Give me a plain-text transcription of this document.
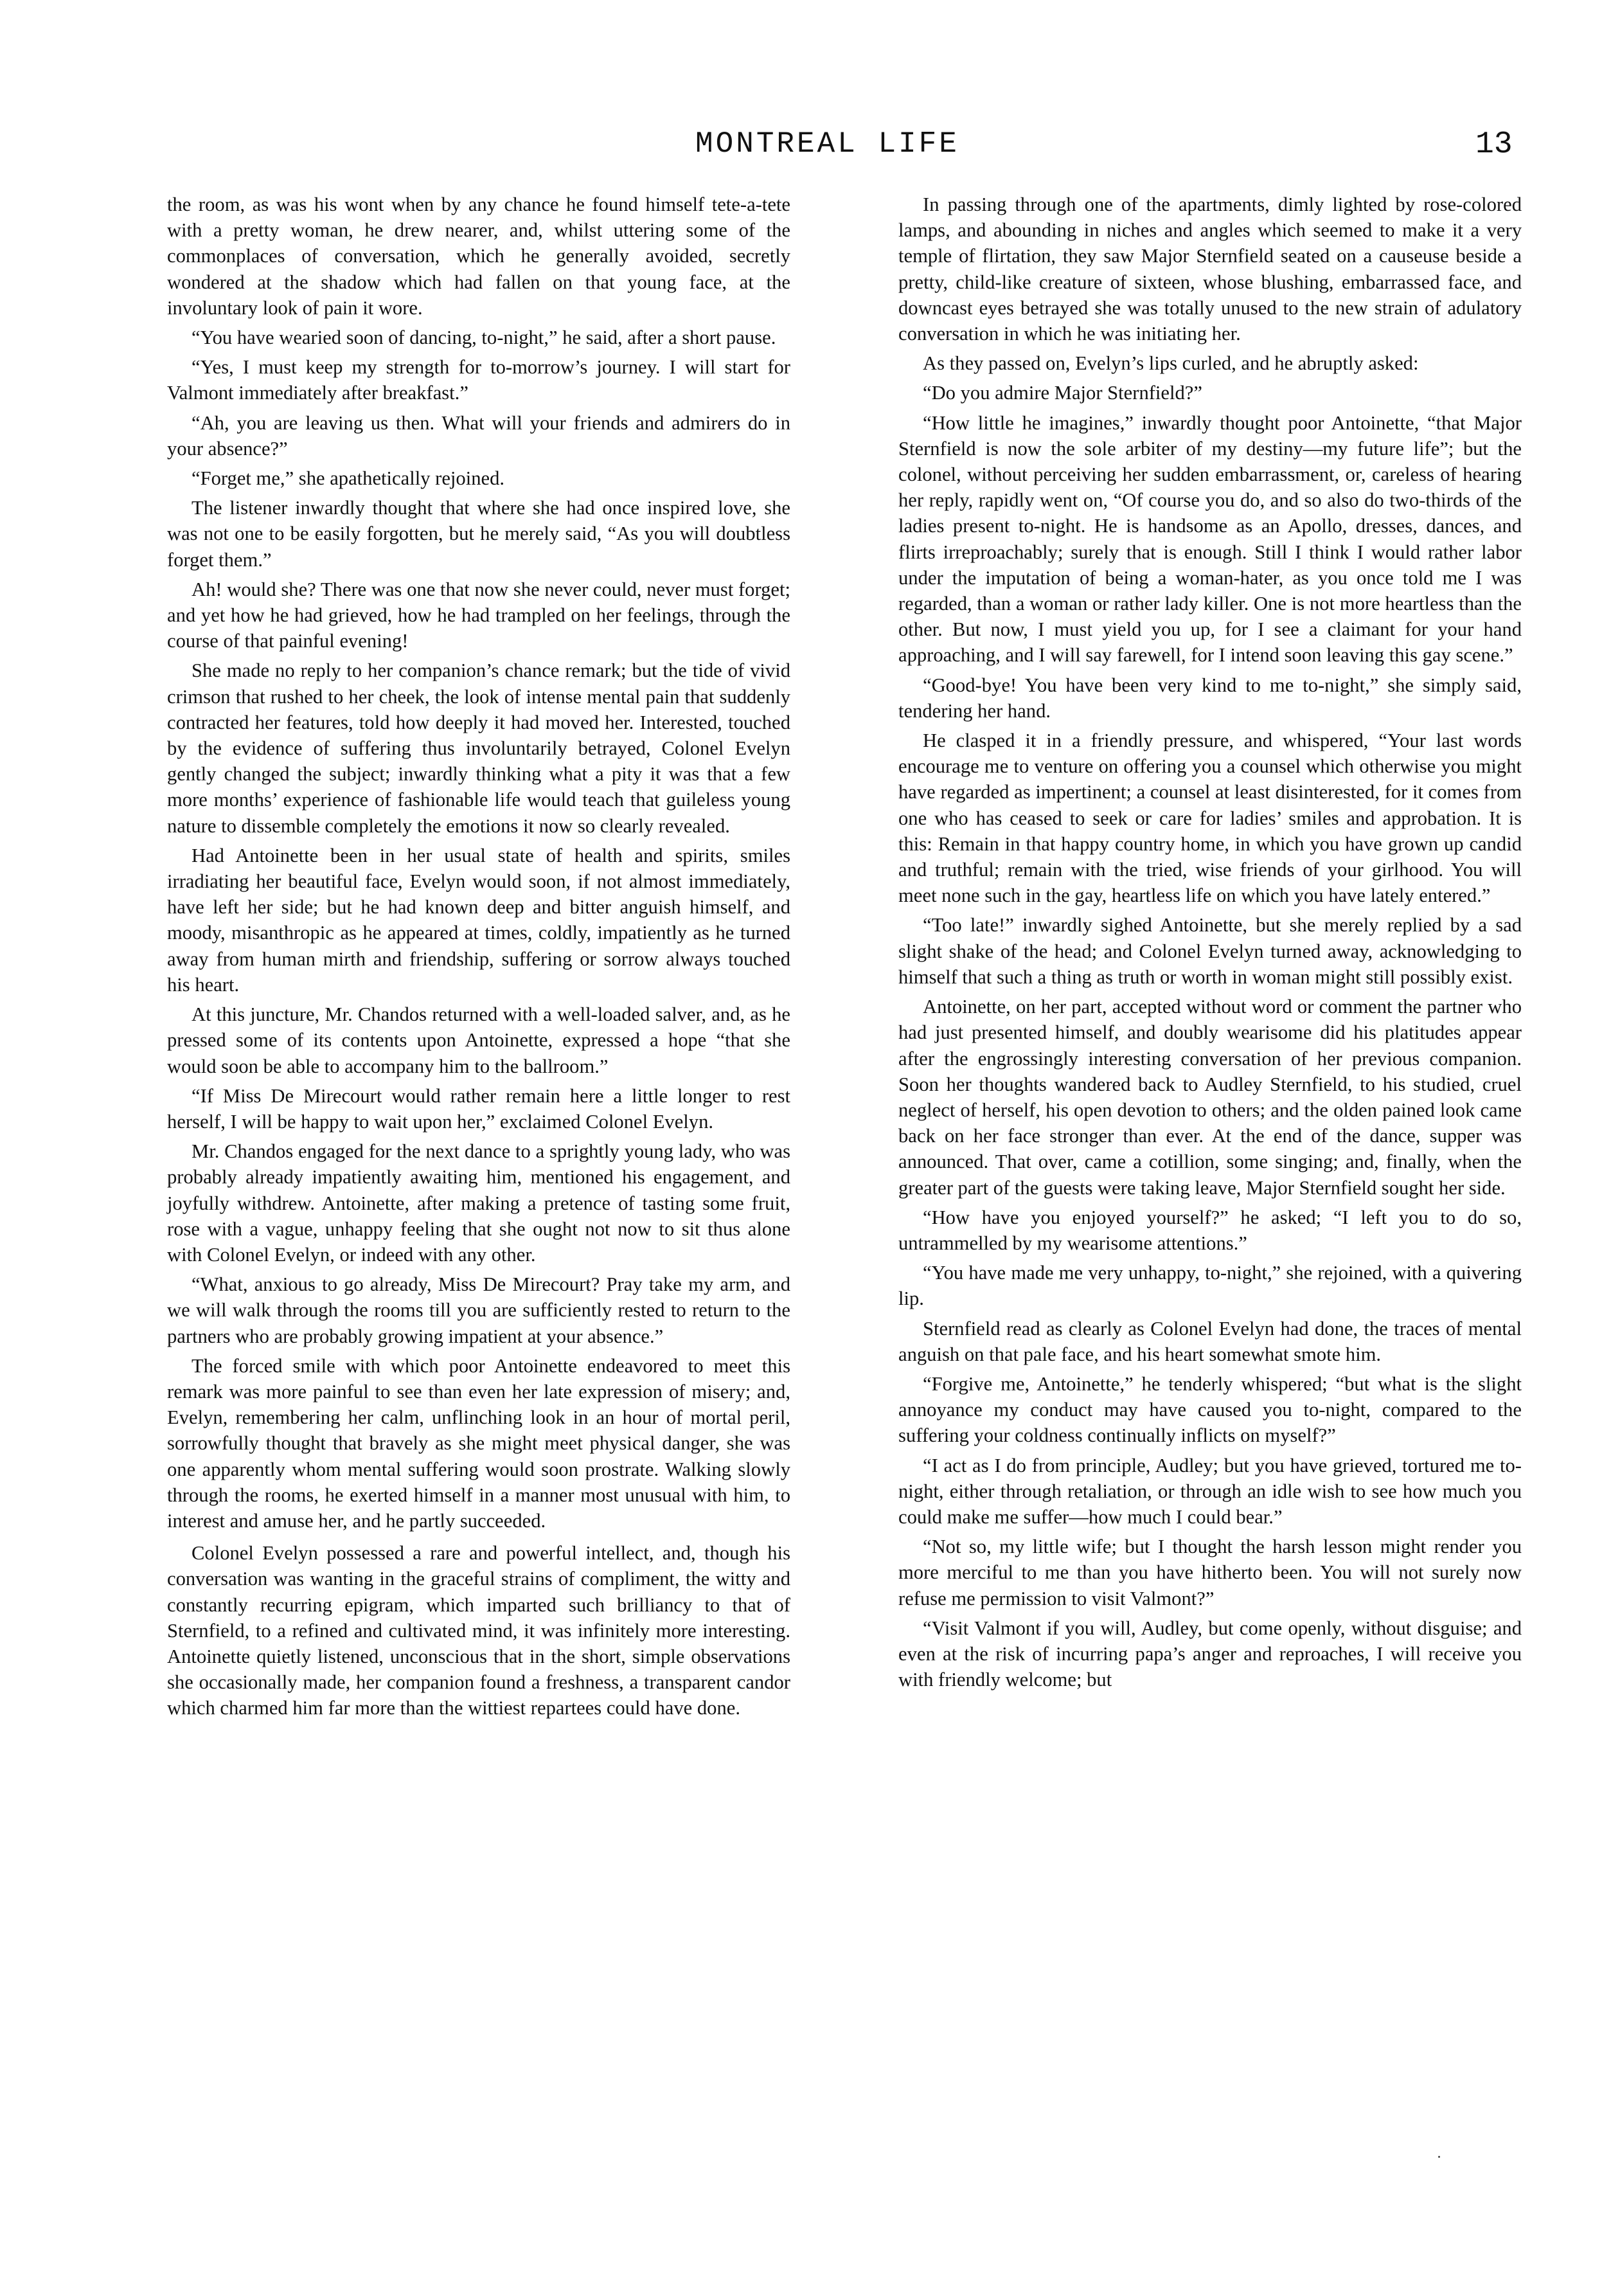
MONTREAL LIFE	13

the room, as was his wont when by any chance he found himself tete-a-tete with a pretty woman, he drew nearer, and, whilst uttering some of the commonplaces of conversation, which he generally avoided, secretly wondered at the shadow which had fallen on that young face, at the involuntary look of pain it wore.

“You have wearied soon of dancing, to-night,” he said, after a short pause.

“Yes, I must keep my strength for to-morrow’s journey. I will start for Valmont immediately after breakfast.”

“Ah, you are leaving us then. What will your friends and admirers do in your absence?”

“Forget me,” she apathetically rejoined.

The listener inwardly thought that where she had once inspired love, she was not one to be easily forgotten, but he merely said, “As you will doubtless forget them.”

Ah! would she? There was one that now she never could, never must forget; and yet how he had grieved, how he had trampled on her feelings, through the course of that painful evening!

She made no reply to her companion’s chance remark; but the tide of vivid crimson that rushed to her cheek, the look of intense mental pain that suddenly contracted her features, told how deeply it had moved her. Interested, touched by the evidence of suffering thus involuntarily betrayed, Colonel Evelyn gently changed the subject; inwardly thinking what a pity it was that a few more months’ experience of fashionable life would teach that guileless young nature to dissemble completely the emotions it now so clearly revealed.

Had Antoinette been in her usual state of health and spirits, smiles irradiating her beautiful face, Evelyn would soon, if not almost immediately, have left her side; but he had known deep and bitter anguish himself, and moody, misanthropic as he appeared at times, coldly, impatiently as he turned away from human mirth and friendship, suffering or sorrow always touched his heart.

At this juncture, Mr. Chandos returned with a well-loaded salver, and, as he pressed some of its contents upon Antoinette, expressed a hope “that she would soon be able to accompany him to the ballroom.”

“If Miss De Mirecourt would rather remain here a little longer to rest herself, I will be happy to wait upon her,” exclaimed Colonel Evelyn.

Mr. Chandos engaged for the next dance to a sprightly young lady, who was probably already impatiently awaiting him, mentioned his engagement, and joyfully withdrew. Antoinette, after making a pretence of tasting some fruit, rose with a vague, unhappy feeling that she ought not now to sit thus alone with Colonel Evelyn, or indeed with any other.

“What, anxious to go already, Miss De Mirecourt? Pray take my arm, and we will walk through the rooms till you are sufficiently rested to return to the partners who are probably growing impatient at your absence.”

The forced smile with which poor Antoinette endeavored to meet this remark was more painful to see than even her late expression of misery; and, Evelyn, remembering her calm, unflinching look in an hour of mortal peril, sorrowfully thought that bravely as she might meet physical danger, she was one apparently whom mental suffering would soon prostrate. Walking slowly through the rooms, he exerted himself in a manner most unusual with him, to interest and amuse her, and he partly succeeded.

Colonel Evelyn possessed a rare and powerful intellect, and, though his conversation was wanting in the graceful strains of compliment, the witty and constantly recurring epigram, which imparted such brilliancy to that of Sternfield, to a refined and cultivated mind, it was infinitely more interesting. Antoinette quietly listened, unconscious that in the short, simple observations she occasionally made, her companion found a freshness, a transparent candor which charmed him far more than the wittiest repartees could have done.

In passing through one of the apartments, dimly lighted by rose-colored lamps, and abounding in niches and angles which seemed to make it a very temple of flirtation, they saw Major Sternfield seated on a causeuse beside a pretty, child-like creature of sixteen, whose blushing, embarrassed face, and downcast eyes betrayed she was totally unused to the new strain of adulatory conversation in which he was initiating her.

As they passed on, Evelyn’s lips curled, and he abruptly asked:

“Do you admire Major Sternfield?”

“How little he imagines,” inwardly thought poor Antoinette, “that Major Sternfield is now the sole arbiter of my destiny—my future life”; but the colonel, without perceiving her sudden embarrassment, or, careless of hearing her reply, rapidly went on, “Of course you do, and so also do two-thirds of the ladies present to-night. He is handsome as an Apollo, dresses, dances, and flirts irreproachably; surely that is enough. Still I think I would rather labor under the imputation of being a woman-hater, as you once told me I was regarded, than a woman or rather lady killer. One is not more heartless than the other. But now, I must yield you up, for I see a claimant for your hand approaching, and I will say farewell, for I intend soon leaving this gay scene.”

“Good-bye! You have been very kind to me to-night,” she simply said, tendering her hand.

He clasped it in a friendly pressure, and whispered, “Your last words encourage me to venture on offering you a counsel which otherwise you might have regarded as impertinent; a counsel at least disinterested, for it comes from one who has ceased to seek or care for ladies’ smiles and approbation. It is this: Remain in that happy country home, in which you have grown up candid and truthful; remain with the tried, wise friends of your girlhood. You will meet none such in the gay, heartless life on which you have lately entered.”

“Too late!” inwardly sighed Antoinette, but she merely replied by a sad slight shake of the head; and Colonel Evelyn turned away, acknowledging to himself that such a thing as truth or worth in woman might still possibly exist.

Antoinette, on her part, accepted without word or comment the partner who had just presented himself, and doubly wearisome did his platitudes appear after the engrossingly interesting conversation of her previous companion. Soon her thoughts wandered back to Audley Sternfield, to his studied, cruel neglect of herself, his open devotion to others; and the olden pained look came back on her face stronger than ever. At the end of the dance, supper was announced. That over, came a cotillion, some singing; and, finally, when the greater part of the guests were taking leave, Major Sternfield sought her side.

“How have you enjoyed yourself?” he asked; “I left you to do so, untrammelled by my wearisome attentions.”

“You have made me very unhappy, to-night,” she rejoined, with a quivering lip.

Sternfield read as clearly as Colonel Evelyn had done, the traces of mental anguish on that pale face, and his heart somewhat smote him.

“Forgive me, Antoinette,” he tenderly whispered; “but what is the slight annoyance my conduct may have caused you to-night, compared to the suffering your coldness continually inflicts on myself?”

“I act as I do from principle, Audley; but you have grieved, tortured me to-night, either through retaliation, or through an idle wish to see how much you could make me suffer—how much I could bear.”

“Not so, my little wife; but I thought the harsh lesson might render you more merciful to me than you have hitherto been. You will not surely now refuse me permission to visit Valmont?”

“Visit Valmont if you will, Audley, but come openly, without disguise; and even at the risk of incurring papa’s anger and reproaches, I will receive you with friendly welcome; but
